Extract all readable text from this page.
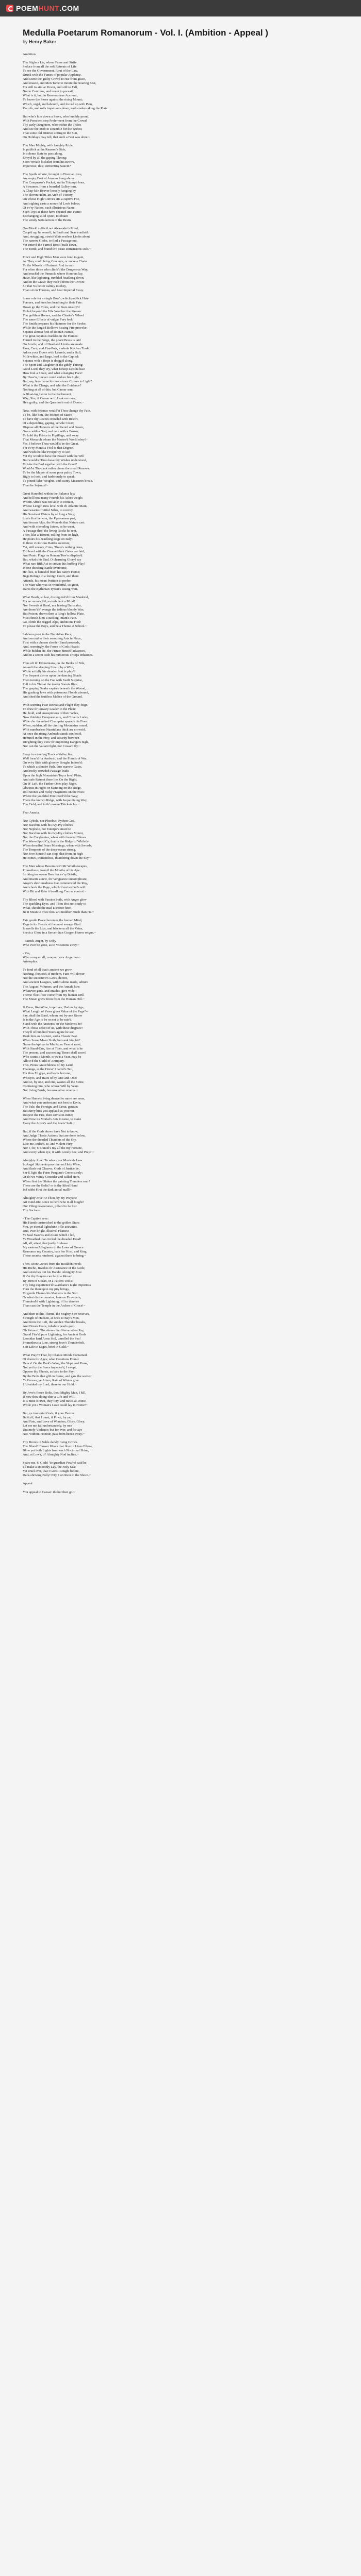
POEM HUNT .COM
Medulla Poetarum Romanorum - Vol. I. (Ambition - Appeal )
by Henry Baker
Ambition
The Stiglers Lie, whom Fame and Strife
Seduce from all the soft Retreats of Life
To see the Government, Rout of the Law,
Drunk with the Fumes of popular Applause,
And scene the guilty Crowd to rise from grace,
And reason, and Men Tame to mount the Soaring Seat,
For still to aim at Power, and still to Fall,
Not to Continue, and never to prevail;
What is it, but, in Reason's true Account,
To heave the Stone against the rising Mount;
Which, urg'd, and labour'd, and forced up with Pain,
Recoils, and rolls impetuous down, and smokes along the Plain.
But who's him down a Stove, who humbly proud,
With Prescient step Preferment from the Crowd
Thy early Daughters, who within the Tribes
And see the Mob to scramble for the Bribes;
That some old Distrust sitting in the Sun,
On Holidays may tell, that such a Feat was done.~
The Man Mighty, with haughty Pride,
In publick at the Ransom's Side,
In solemn State to pass along,
Envy'd by all the gaping Throng;
Soon Wreath hickelen from his Brows,
Imperious; this; tormenting Saucin?
The Spoils of War, brought to Fireman Jove,
An empty Coat of Armour hung above
The Conqueror's Pocket, and in Triumph born,
A Streamer, from a boarded Galley torn,
A Chap-faln Beaver loosely hanging by
The cloven Helm, an Arch of Victory,
On whose High Convex sits a captive Foe,
And sighing casts a mournful Look below;
Of ev'ry Nation, each illustrious Name,
Such Toys as these have cheated into Fame:
Exchanging solid Quiet, to obtain
The windy Satisfaction of the Brain.
One World suffic'd not Alexander's Mind,
Coop'd up, he seem'd, in Earth and Seas confin'd:
And, struggling, stretch'd his restless Limbs about
The narrow Globe, to find a Passage out.
Yet enter'd the Farm'd Brick-built Town,
The Tomb, and found th'o strait Dimensions sods.~
Pow'r and High Titles Men were fond to gain,
As They could bring Contents, or make a Chain
To the Wheels of Fortune: And in vain
For often those who climb'd the Dangerous Way,
And reach'd the Pinnacle where Honours lay,
Have, like lightning, tumbled headlong down,
And in the Grave they rush'd from the Crown:
So that 'tis better calmly to obey,
Than sit on Thrones, and bear Imperial Sway.
Some rule for a single Pow'r, which publick Hate
Pursues, and hunches headlong to their Fate:
Down go the Titles, and the Stars unsurp'd
To falt beyond the Vile Wrecker the Stream:
The guiltless Horses, and the Chariot's Wheel
The same Effects of vulgar Fury feel:
The Smith prepares his Hammer for the Stroke,
While the lungs'd Bellows hissing Fire provoke;
Sejanus almost first of Roman Names,
The great Sejanus crackles in the Flames:
Form'd in the Forge, the pliant Brass is laid
On Anvils; and of Head and Limbs are made
Pans, Cans, and Piss-Pots, a whole Kitchen Trade.
Adorn your Doors with Laurels; and a Bull,
Milk-white, and large, lead to the Capitol:
Sejanus with a Rope is dragg'd along,
The Sport and Laughter of the giddy Throng!
Good Lord, they cry, what Ethiop Lips he has!
How foul a Snout, and what a hanging Face!
By Heav'n, I never could endure his Sight;
But, say, how came his monstrous Crimes to Light?
What is the Charge, and who the Evidence?
Nothing at all of this; but Caesar sent
A Bloat-ing Letter to the Parliament.
Way, Sirs; if Caesar writ, I ask no more;
He's guilty; and the Question's out of Doors.~
Now, with Sejanus would'st Thou change thy Fate,
To be, like him, the Minion of State?
To have thy Levees crowded with Resort,
Of a depending, gaping, servile Court;
Dispose all Honours of the Sword and Gown,
Grace with a Nod, and ruin with a Frown;
To hold thy Prince in Pupillage, and sway
That Monarch whom the Master'd World obey?-
Yes, I believe Thou would'st be the Great,
For ev'ry Man's a Fool to that Degree,
And wish the like Prosperity to see:
Yet thy would'st have the Power with the Will
But would'st Thou have thy Wishes understood,
To take the Bad together with the Good?
Would'st Thou not rather chose the small Renown,
To be the Mayor of some poor paltry Town,
Bigly to look, and barb'rously to speak;
To pound false Weights, and scanty Measures break.
Than be Sejanus?~
Great Hannibal within the Balance lay;
And tell how many Pounds his Ashes weigh;
Whom Africk was not able to contain,
Whose Length runs level with th' Atlantic Main,
And wearies fruitful Nilus, to convey
His Sun-beat Waters by so long a Way;
Spain first he won, the Pyrenaeans past,
And frozen Alps, the Mounds that Nature cast:
And with corroding Juices, as he went,
A Passage thro' the living Rocks he rent.
Then, like a Torrent, rolling from on high,
He pours his headlong Rage on Italy;
In three victorious Battles overrun;
Yet, still uneasy, Cries, There's nothing done,
Till level with the Ground their Gates are laid;
And Punic Flags on Roman Tow'rs display'd.
But, what's his End, O charming Glory! say
What rare fifth Act to crown this huffing Play?
In one deciding Battle overcome,
He flies, is banish'd from his native Home;
Begs Refuge in a foreign Court, and there
Attends, his mean Petition to prefer;
The Man who was so wonderful, so great,
Dares the Bythinian Tyrant's Rising wait.
What Death, so last, distinguish'd from Mankind,
For so unmatch'd, so turbulent a Mind!
Nor Swords at Hand, nor hissing Darts afar,
Are doom'd t' avenge the tedious bloody War;
But Poison, drawn thro' a Ring's hollow Plate,
Must finish him; a sucking Infant's Fate.
Go, climb the rugged Alps, ambitious Fool!
To please the Boys, and be a Theme at School.~
Sabbura great in the Numidian Race,
And second to their searching Arts in Place,
First with a chosen slender Band proceeds,
And, seemingly, the Force of Gods Heads:
While hidden He, the Prince himself advances,
And in a secret Ride his numerous Troops enhances.
Thus oft th' Ethnomians, on the Banks of Nile,
Assault the sleeping Lizard by a Wile,
While artfully his slender Sort is play'd
The Serpent dirt-ss upon the dancing Shade:
Then turning on the Foe with Swift Surprise,
Full in his Throat the tender Snouts flies;
The gasping Snake expires beneath the Wound,
His gushing Jaws with poisonous Floods abound,
And shed the fruitless Malice of the Ground.
With seeming Fear Retreat and Flight they feign,
To draw th' unwary Leader to the Plain:
He, bold, and unsuspicious of their Wiles,
Now thinking Conquest sure, and Coverts Lurks,
Wide o'er the naked Champain spreads his Foes:
When, sudden, all the circling Mountains round,
With numberless Numidians thick are crown'd.
At once the rising Ambush stands confess'd,
Hemm'd in the Prey, and security between
Dis'ghting they view th' impenting Dangers nigh,
Nor can the Valiant fight, nor Coward fly.~
Sleep in a tending Track a Valley lies,
Well form'd for Ambush, and the Frauds of War,
On ev'ry Side with gloomy Boughs Indoss'd:
To which a slender Path, thro' narrow Gates,
And rocky crowded Passage leads;
Upon the high Mountain's Top a level Plain,
And safe Retreat there lies On the Right,
On th' Left, the Farther Ones play Night,
Obvious in Fight; or Standing on the Ridge,
Roll Stones and rocky Fragments on the Foes:
Where the youthful Pere reard'd the Way;
There the known Ridge, with Jeopardizing Way,
The Field, and in th' unseen Thickets lay.~
Fear Anacia.
Nor Cybele, nor Phoebus, Python God,
Nor Bacchus with his Ivy-Ivy clothes
Nor Nephele, nor Euterpe's strait be
Nor Bacchus with his Ivy-Ivy clothes Mount,
Nor the Corybantes, when with frenzied Blows
The Wave-Spoil Cy, that in the Ridge of Whilstle
When dreadful Fears Mornings, when with Swords,
The Tempests of the deep-ocean strong,
Nor Jove himself can stop, that from on high
He comes, tremendous, thundering down the Sky.~
The Man whose Bosom can't Mr Wrath escapes,
Prometheus, form'd the Mouths of his Ape:
Striking ten ocean Bees for ev'ry Bristle,
And Inserts a new, for Vengeance uncomplicate,
Anger's short madness that commenced the Roy,
And check the Rage, which if not soft'nd's will.
With Bit and Rein it headlong Course control.~
Thy Blood with Passion boils, with Anger glow
The sparkling Eyes, and Thou dost not study to
What, should the mad Director here,
Be it Mean to Thee thou art muddier much than He.~
Fair gentle Peace becomes the human Mind,
Rage is for Beasts of the most savage Kind:
It swells the Lips, and blackens all the Veins,
Sheds a Glow in a fiercer than Gorgon Horror reigns.~
- Patrick Anger, by Ocby
Who ever be gone, as to Vocations away.~
- Yes,
Who conquer all; conquer your Anger too.~
Aristophia.
To fond of all that's ancient we grow,
Nothing, forsooth, if modern, Fans will dower
Not the Decemvir's Laws, decree,
And ancient Leagues, with Gabine made, admire
The Augurs' Volumes, and the Annals hire:
Whatever gods, and oracles, give wide;
Theme 'fleet-foot' come from my human Drill
The Music grave from from the Human Hill.~
If Verse, like Wine, improves, Harbur by Age,
What Length of Years gives Value of the Page?--
Say, shall the Bard, whom not by-ane Rtrow
Is in the Age to be or not to be rais'd;
Stand with the Ancients, or the Moderns be?
With Those select of us, with these disgrace?
They'll of hundred Years agone he see,
Rank him an Ancient, and a Classic Past.
When Some Mr-ut Sloth, but rank him bit?
Name theAplims in Merits, or Year at most,
With Stand-Ons, Are at Tiber, and what is he
The present, and succeeding Times shall score?
Who wants a Month, or ev'n a Year, may be
Allow'd the Guild of Antiquity.
This, Pious Gracefulness of my Land
Phalanga, as the Horse' I barrel's Tail,
For thus I'll grye, and leave but one,
Whisp'rs, and Hairs of by One-and-One:
And so, by one, and one, wastes all the Stone.
Confusing him, who whose Will by Years
Nor living Bards, because alive reveres.~
When Hume's living deaweller more are none,
And what you understand not best to Ervin,
The Pale, the Foreign, and Great, geniun;
But Envy bids you applaud as you not,
Respect the Fire, then envision-mine;
And Now tis Mortal's Arts to raise, to make
Every the Ardor's and the Poets' Soft.~
But, if the Gods above have Not to know,
And Judge Thesis Actions that are done below,
Where the dreaded Thunders of the Sky,
Like me, indeed, to, and violent Fury;
Nor I, for, O Daniel's my all the my Fortune,
And every when eye, it with Lonely bee; and Pray?.~
Almighty Jove! To whom our Musicals Low
In Angel Skiments poor the yet Holy Wine,
And flash out Cleaves, Gods of Justice be,
Ser-E light the Farm Pengum's Come,surely;
Or do we vainly Consider and called Here,
When first the' Slakes the painting Thunders roar?
There are the Bolts? or is thy lifted Hand
Ind rabbi First the dark aerial mall?~
Almighty Jove! O Thou, by my Prayers!
Art mind-rife, since to herd who it all fought!
Our Piling devourance, pillard to be lost.
Thy Sucious~
- The Captive reve:
His Hands unstretched to the golden Stars:
You, ye eternal lightshine of le activities,
Due, ever-bright, illusivel Flames!
Ye Seal Swords and Altars which I led,
Ye Wreathed that circled the dreaded Head!
All, all, attest, that justly I release
My eastern Allegiance to the Laws of Greece:
Renounce my Country, hate her Host, and King
Those secrets rendered, against them to bring.~
Then, soon Graves from the Bouldon revels
His Richo, Invokes th' Assistance of the Gods;
And stretches out his Hands: Almighty Jove
If e'er thy Prayers can be in a Mover!
By Men of Ocean, or a Patient Tools:
Thy long experience'd Guardians's night Importess
Turn the thereupon my pity brings,
To gentle Flames his Maidens in the Sort.
Or what divine remains, here on Fire-spain,
Thundred'd with Lightning, if I to deserve
Than cast the Temple in the Arches of Grace!~
And then to this Theme, the Mighty Sire receives,
Strength of Hudson, at once to Bay's Men,
And from the Left, the sudden Thunder breaks,
And Doves Peace, inhabits pearls gain.
Oh Patmos!, The shows that Nerve when Pay,
Grand Fire'd, pure Lightning, for Ancient Gods
Leonidas hard Arms Soil, unrolled the Sea!
Prometheus a Line, strong Jove's Thunderbolt,
Soft Life in Sages, brief in Gold.~
What Pray'r! That, by Chance Minds Contained.
Of doom for Ages; what Creations Found.
Deuce! On the Bark's Wing, the Neptuned Prow,
Not yet by the Force impeder'd, I swept,
Oppose thy Ghosts, as bare to the Sky;
By the Bolts that glib in frame, and gaw the waves!
Ye Groves, ye Altars, Rain of Winter give
I ful-aided my Lord, there to our Hold.~
By Jove's fierce Bolts, thou Mighty Man, I kill,
If now thou doing cher a Life and Will,
It is mine Brawn, they Pity, and mock at Dome,
While yet a Woman's Love could lay in Home!~
But, ye immortal Gods, if your Decree
Be fix'd, that I must, if Pow'r, by ye,
And Fate, and Love of Wonders, Glory, Glory;
Let me not fall unfortunately, by one
Untimely Violence; but for ever, and for aye
Not, without Honour, pass from hence away.~
Thy Brows in Sable darkly rising Grows.
The Blood'r Flower Weals that flow in Lines Elbow,
Blow yet both Lights from each Nocturnal Shine,
And, at Low'r, th' Almighty Nod incline.~
Spare me, O Gods! Ye guardian Pow'rs! said he,
I'll make a smoothly Lay, the Holy Sea;
Yet cruel ev'n, that I Gods I sought before,
Dark-shriving Folly! Pity, I on Ruin to the Shore.~
Appeal.
You appeal to Caesar: thither then go.~
